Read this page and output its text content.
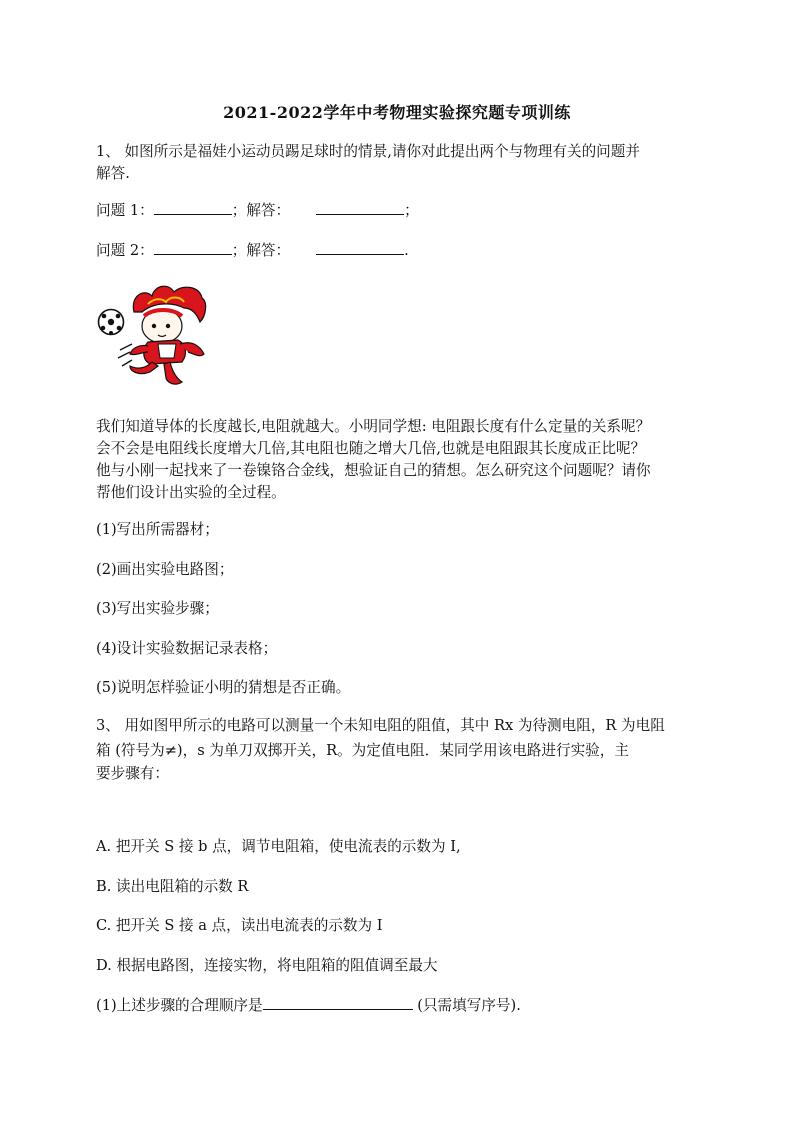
2021-2022学年中考物理实验探究题专项训练
1、 如图所示是福娃小运动员踢足球时的情景,请你对此提出两个与物理有关的问题并
解答.
问题 1：	；解答：	；
问题 2：	；解答：	.
我们知道导体的长度越长,电阻就越大。小明同学想: 电阻跟长度有什么定量的关系呢？
会不会是电阻线长度增大几倍,其电阻也随之增大几倍,也就是电阻跟其长度成正比呢？
他与小刚一起找来了一卷镍铬合金线，想验证自己的猜想。怎么研究这个问题呢？请你
帮他们设计出实验的全过程。
(1)写出所需器材；
(2)画出实验电路图；
(3)写出实验步骤；
(4)设计实验数据记录表格；
(5)说明怎样验证小明的猜想是否正确。
3、 用如图甲所示的电路可以测量一个未知电阻的阻值，其中 Rx 为待测电阻，R 为电阻
箱 (符号为≠)，s 为单刀双掷开关，R。为定值电阻．某同学用该电路进行实验，主
要步骤有：
A. 把开关 S 接 b 点，调节电阻箱，使电流表的示数为 I,
B. 读出电阻箱的示数 R
C. 把开关 S 接 a 点，读出电流表的示数为 I
D. 根据电路图，连接实物，将电阻箱的阻值调至最大
(1)上述步骤的合理顺序是	(只需填写序号).
